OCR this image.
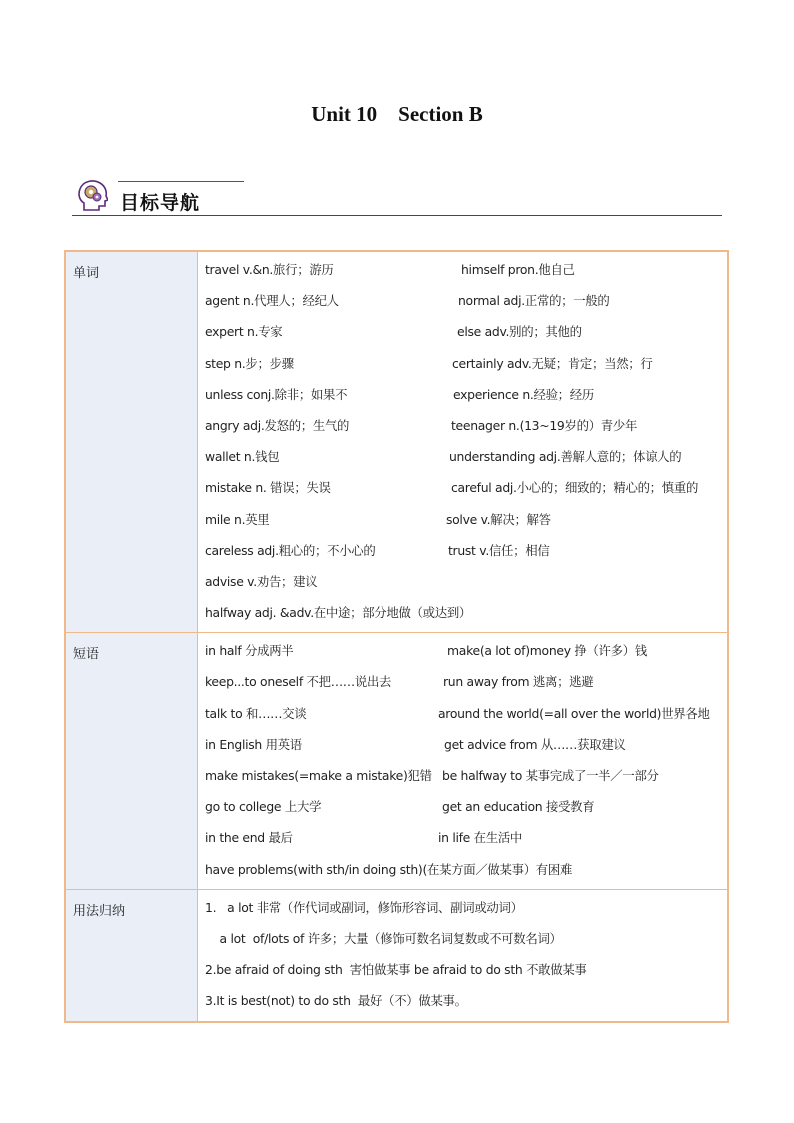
Unit 10    Section B
目标导航
单词	travel v.&n.旅行；游历	himself pron.他自己
agent n.代理人；经纪人	normal adj.正常的；一般的
expert n.专家	else adv.别的；其他的
step n.步；步骤	certainly adv.无疑；肯定；当然；行
unless conj.除非；如果不	experience n.经验；经历
angry adj.发怒的；生气的	teenager n.(13~19岁的）青少年
wallet n.钱包	understanding adj.善解人意的；体谅人的
mistake n. 错误；失误	careful adj.小心的；细致的；精心的；慎重的
mile n.英里	solve v.解决；解答
careless adj.粗心的；不小心的	trust v.信任；相信
advise v.劝告；建议
halfway adj. &adv.在中途；部分地做（或达到）
短语	in half 分成两半	make(a lot of)money 挣（许多）钱
keep...to oneself 不把……说出去	run away from 逃离；逃避
talk to 和……交谈	around the world(=all over the world)世界各地
in English 用英语	get advice from 从……获取建议
make mistakes(=make a mistake)犯错 be halfway to 某事完成了一半／一部分
go to college 上大学	get an education 接受教育
in the end 最后	in life 在生活中
have problems(with sth/in doing sth)(在某方面／做某事）有困难
用法归纳	1.   a lot 非常（作代词或副词，修饰形容词、副词或动词）
a lot  of/lots of 许多；大量（修饰可数名词复数或不可数名词）
2.be afraid of doing sth  害怕做某事 be afraid to do sth 不敢做某事
3.It is best(not) to do sth  最好（不）做某事。
